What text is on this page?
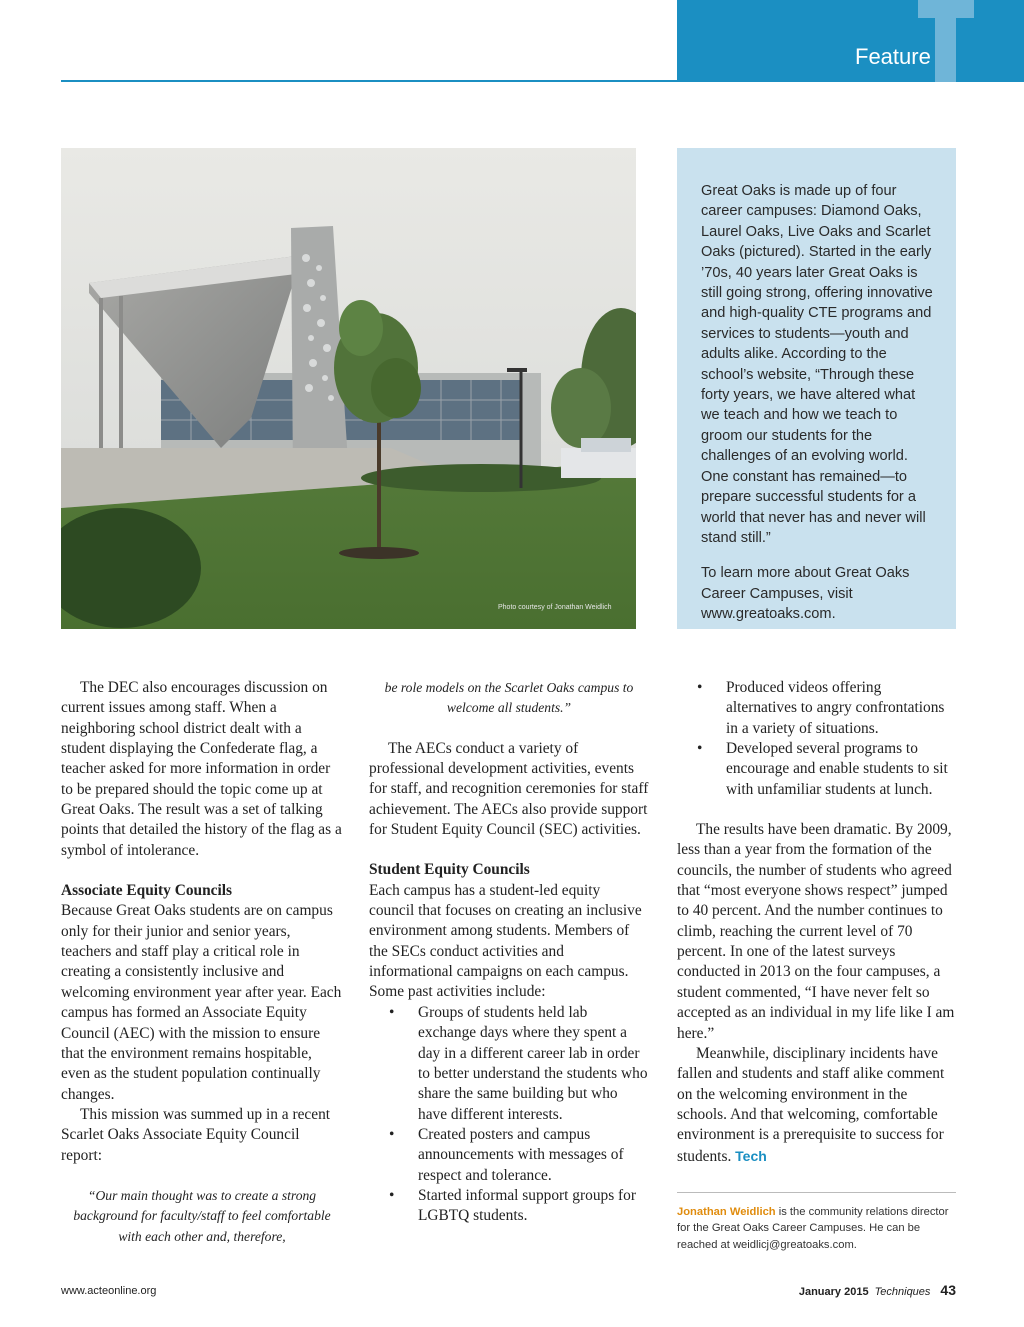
Feature
Photo courtesy of Jonathan Weidlich

Great Oaks is made up of four career campuses: Diamond Oaks, Laurel Oaks, Live Oaks and Scarlet Oaks (pictured). Started in the early ’70s, 40 years later Great Oaks is still going strong, offering innovative and high-quality CTE programs and services to students—youth and adults alike. According to the school’s website, “Through these forty years, we have altered what we teach and how we teach to groom our students for the challenges of an evolving world. One constant has remained—to prepare successful students for a world that never has and never will stand still.”

To learn more about Great Oaks Career Campuses, visit www.greatoaks.com.

The DEC also encourages discussion on current issues among staff. When a neighboring school district dealt with a student displaying the Confederate flag, a teacher asked for more information in order to be prepared should the topic come up at Great Oaks. The result was a set of talking points that detailed the history of the flag as a symbol of intolerance.

Associate Equity Councils

Because Great Oaks students are on campus only for their junior and senior years, teachers and staff play a critical role in creating a consistently inclusive and welcoming environment year after year. Each campus has formed an Associate Equity Council (AEC) with the mission to ensure that the environment remains hospitable, even as the student population continually changes.

This mission was summed up in a recent Scarlet Oaks Associate Equity Council report:

“Our main thought was to create a strong background for faculty/staff to feel comfortable with each other and, therefore,

be role models on the Scarlet Oaks campus to welcome all students.”

The AECs conduct a variety of professional development activities, events for staff, and recognition ceremonies for staff achievement. The AECs also provide support for Student Equity Council (SEC) activities.

Student Equity Councils

Each campus has a student-led equity council that focuses on creating an inclusive environment among students. Members of the SECs conduct activities and informational campaigns on each campus. Some past activities include:

• Groups of students held lab exchange days where they spent a day in a different career lab in order to better understand the students who share the same building but who have different interests.

• Created posters and campus announcements with messages of respect and tolerance.

• Started informal support groups for LGBTQ students.

• Produced videos offering alternatives to angry confrontations in a variety of situations.

• Developed several programs to encourage and enable students to sit with unfamiliar students at lunch.

The results have been dramatic. By 2009, less than a year from the formation of the councils, the number of students who agreed that “most everyone shows respect” jumped to 40 percent. And the number continues to climb, reaching the current level of 70 percent. In one of the latest surveys conducted in 2013 on the four campuses, a student commented, “I have never felt so accepted as an individual in my life like I am here.”

Meanwhile, disciplinary incidents have fallen and students and staff alike comment on the welcoming environment in the schools. And that welcoming, comfortable environment is a prerequisite to success for students. Tech

Jonathan Weidlich is the community relations director for the Great Oaks Career Campuses. He can be reached at weidlicj@greatoaks.com.
www.acteonline.org	January 2015 Techniques 43
